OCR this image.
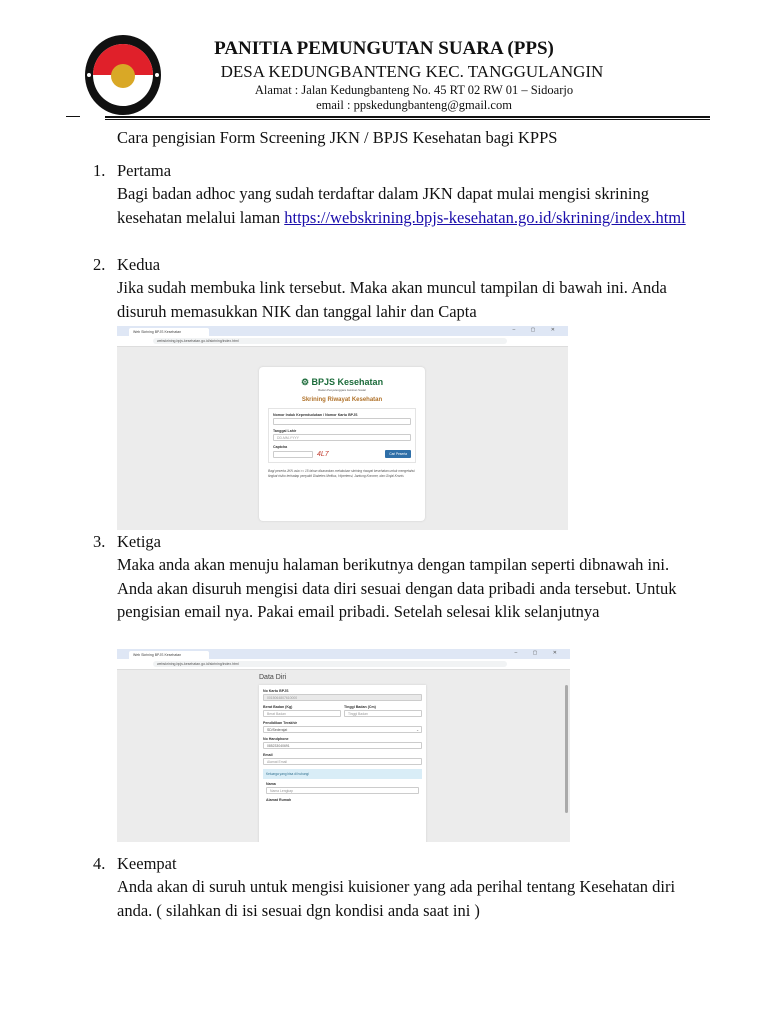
PANITIA PEMUNGUTAN SUARA (PPS)
DESA KEDUNGBANTENG KEC. TANGGULANGIN
Alamat : Jalan Kedungbanteng No. 45 RT 02 RW 01 – Sidoarjo
email : ppskedungbanteng@gmail.com
Cara pengisian Form Screening JKN / BPJS Kesehatan bagi KPPS
1. Pertama
Bagi badan adhoc yang sudah terdaftar dalam JKN dapat mulai mengisi skrining kesehatan melalui laman https://webskrining.bpjs-kesehatan.go.id/skrining/index.html
2. Kedua
Jika sudah membuka link tersebut. Maka akan muncul tampilan di bawah ini. Anda disuruh memasukkan NIK dan tanggal lahir dan Capta
Web Skrining BPJS Kesehatan	– ▢ ✕
webskrining.bpjs-kesehatan.go.id/skrining/index.html
⚙ BPJS Kesehatan
Badan Penyelenggara Jaminan Sosial
Skrining Riwayat Kesehatan
Nomor Induk Kependudukan / Nomor Kartu BPJS
Tanggal Lahir
DD-MM-YYYY
Captcha
4L7	Cari Peserta
Bagi peserta JKN usia >= 15 tahun disarankan melakukan skrining riwayat kesehatan untuk mengetahui tingkat risiko terhadap penyakit Diabetes Melitus, Hipertensi, Jantung Koroner, dan Ginjal Kronis
3. Ketiga
Maka anda akan menuju halaman berikutnya dengan tampilan seperti dibnawah ini. Anda akan disuruh mengisi data diri sesuai dengan data pribadi anda tersebut. Untuk pengisian email nya. Pakai email pribadi. Setelah selesai klik selanjutnya
Web Skrining BPJS Kesehatan	– ▢ ✕
webskrining.bpjs-kesehatan.go.id/skrining/index.html
Data Diri
No Kartu BPJS
0015064807610000
Berat Badan (Kg)
Berat Badan
Tinggi Badan (Cm)
Tinggi Badan
Pendidikan Terakhir
SD/Sederajat	⌄
No Handphone
085233040691
Email
Alamat Email
Keluarga yang bisa di hubungi
Nama
Nama Lengkap
Alamat Rumah
4. Keempat
Anda akan di suruh untuk mengisi kuisioner yang ada perihal tentang Kesehatan diri anda. ( silahkan di isi sesuai dgn kondisi anda saat ini )
